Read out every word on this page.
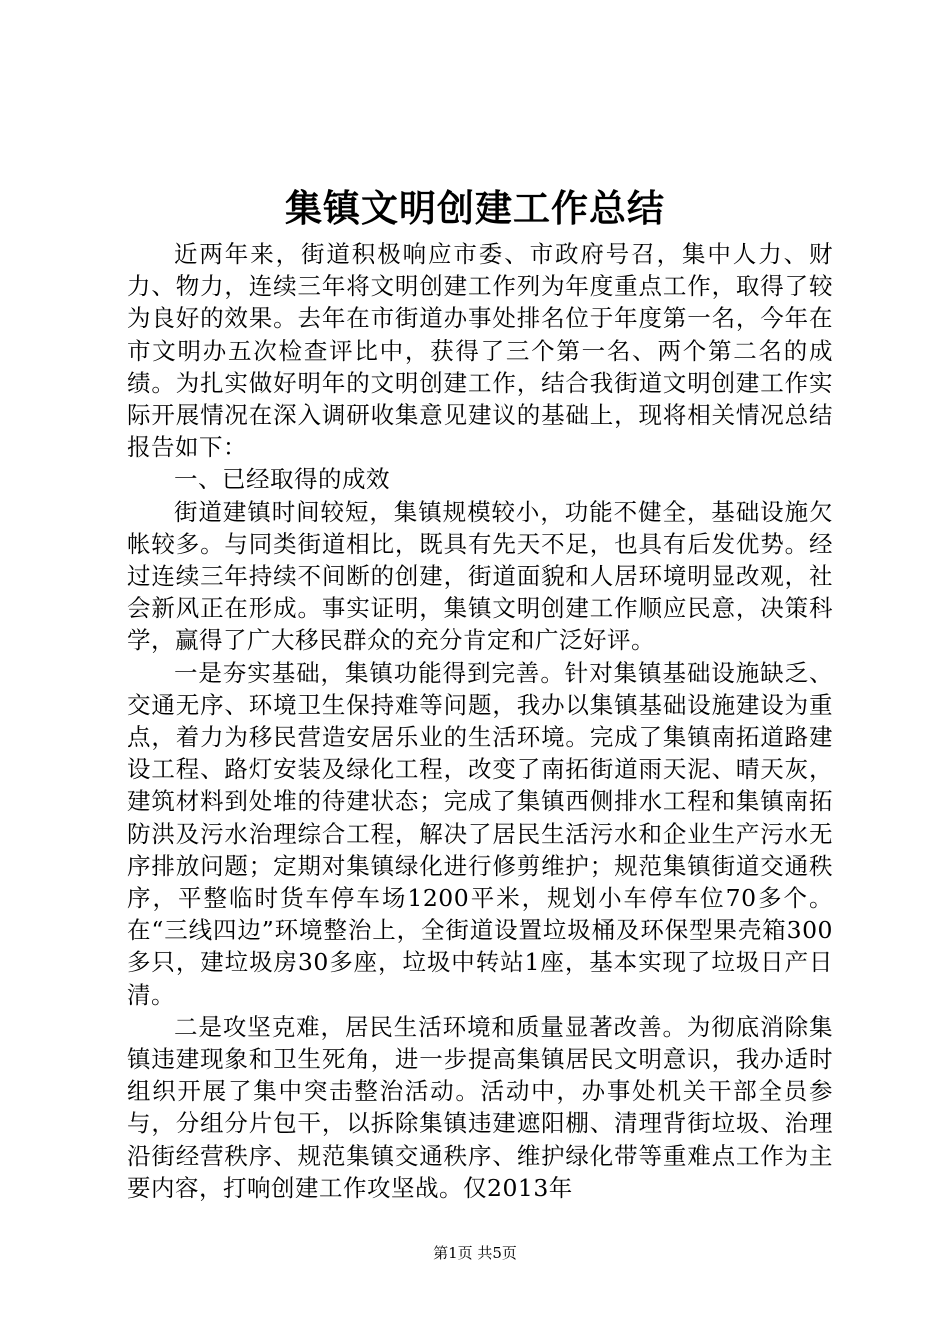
集镇文明创建工作总结

近两年来，街道积极响应市委、市政府号召，集中人力、财力、物力，连续三年将文明创建工作列为年度重点工作，取得了较为良好的效果。去年在市街道办事处排名位于年度第一名，今年在市文明办五次检查评比中，获得了三个第一名、两个第二名的成绩。为扎实做好明年的文明创建工作，结合我街道文明创建工作实际开展情况在深入调研收集意见建议的基础上，现将相关情况总结报告如下：

一、已经取得的成效

街道建镇时间较短，集镇规模较小，功能不健全，基础设施欠帐较多。与同类街道相比，既具有先天不足，也具有后发优势。经过连续三年持续不间断的创建，街道面貌和人居环境明显改观，社会新风正在形成。事实证明，集镇文明创建工作顺应民意，决策科学，赢得了广大移民群众的充分肯定和广泛好评。

一是夯实基础，集镇功能得到完善。针对集镇基础设施缺乏、交通无序、环境卫生保持难等问题，我办以集镇基础设施建设为重点，着力为移民营造安居乐业的生活环境。完成了集镇南拓道路建设工程、路灯安装及绿化工程，改变了南拓街道雨天泥、晴天灰，建筑材料到处堆的待建状态；完成了集镇西侧排水工程和集镇南拓防洪及污水治理综合工程，解决了居民生活污水和企业生产污水无序排放问题；定期对集镇绿化进行修剪维护；规范集镇街道交通秩序，平整临时货车停车场1200平米，规划小车停车位70多个。在“三线四边”环境整治上，全街道设置垃圾桶及环保型果壳箱300多只，建垃圾房30多座，垃圾中转站1座，基本实现了垃圾日产日清。

二是攻坚克难，居民生活环境和质量显著改善。为彻底消除集镇违建现象和卫生死角，进一步提高集镇居民文明意识，我办适时组织开展了集中突击整治活动。活动中，办事处机关干部全员参与，分组分片包干，以拆除集镇违建遮阳棚、清理背街垃圾、治理沿街经营秩序、规范集镇交通秩序、维护绿化带等重难点工作为主要内容，打响创建工作攻坚战。仅2013年

第1页 共5页
